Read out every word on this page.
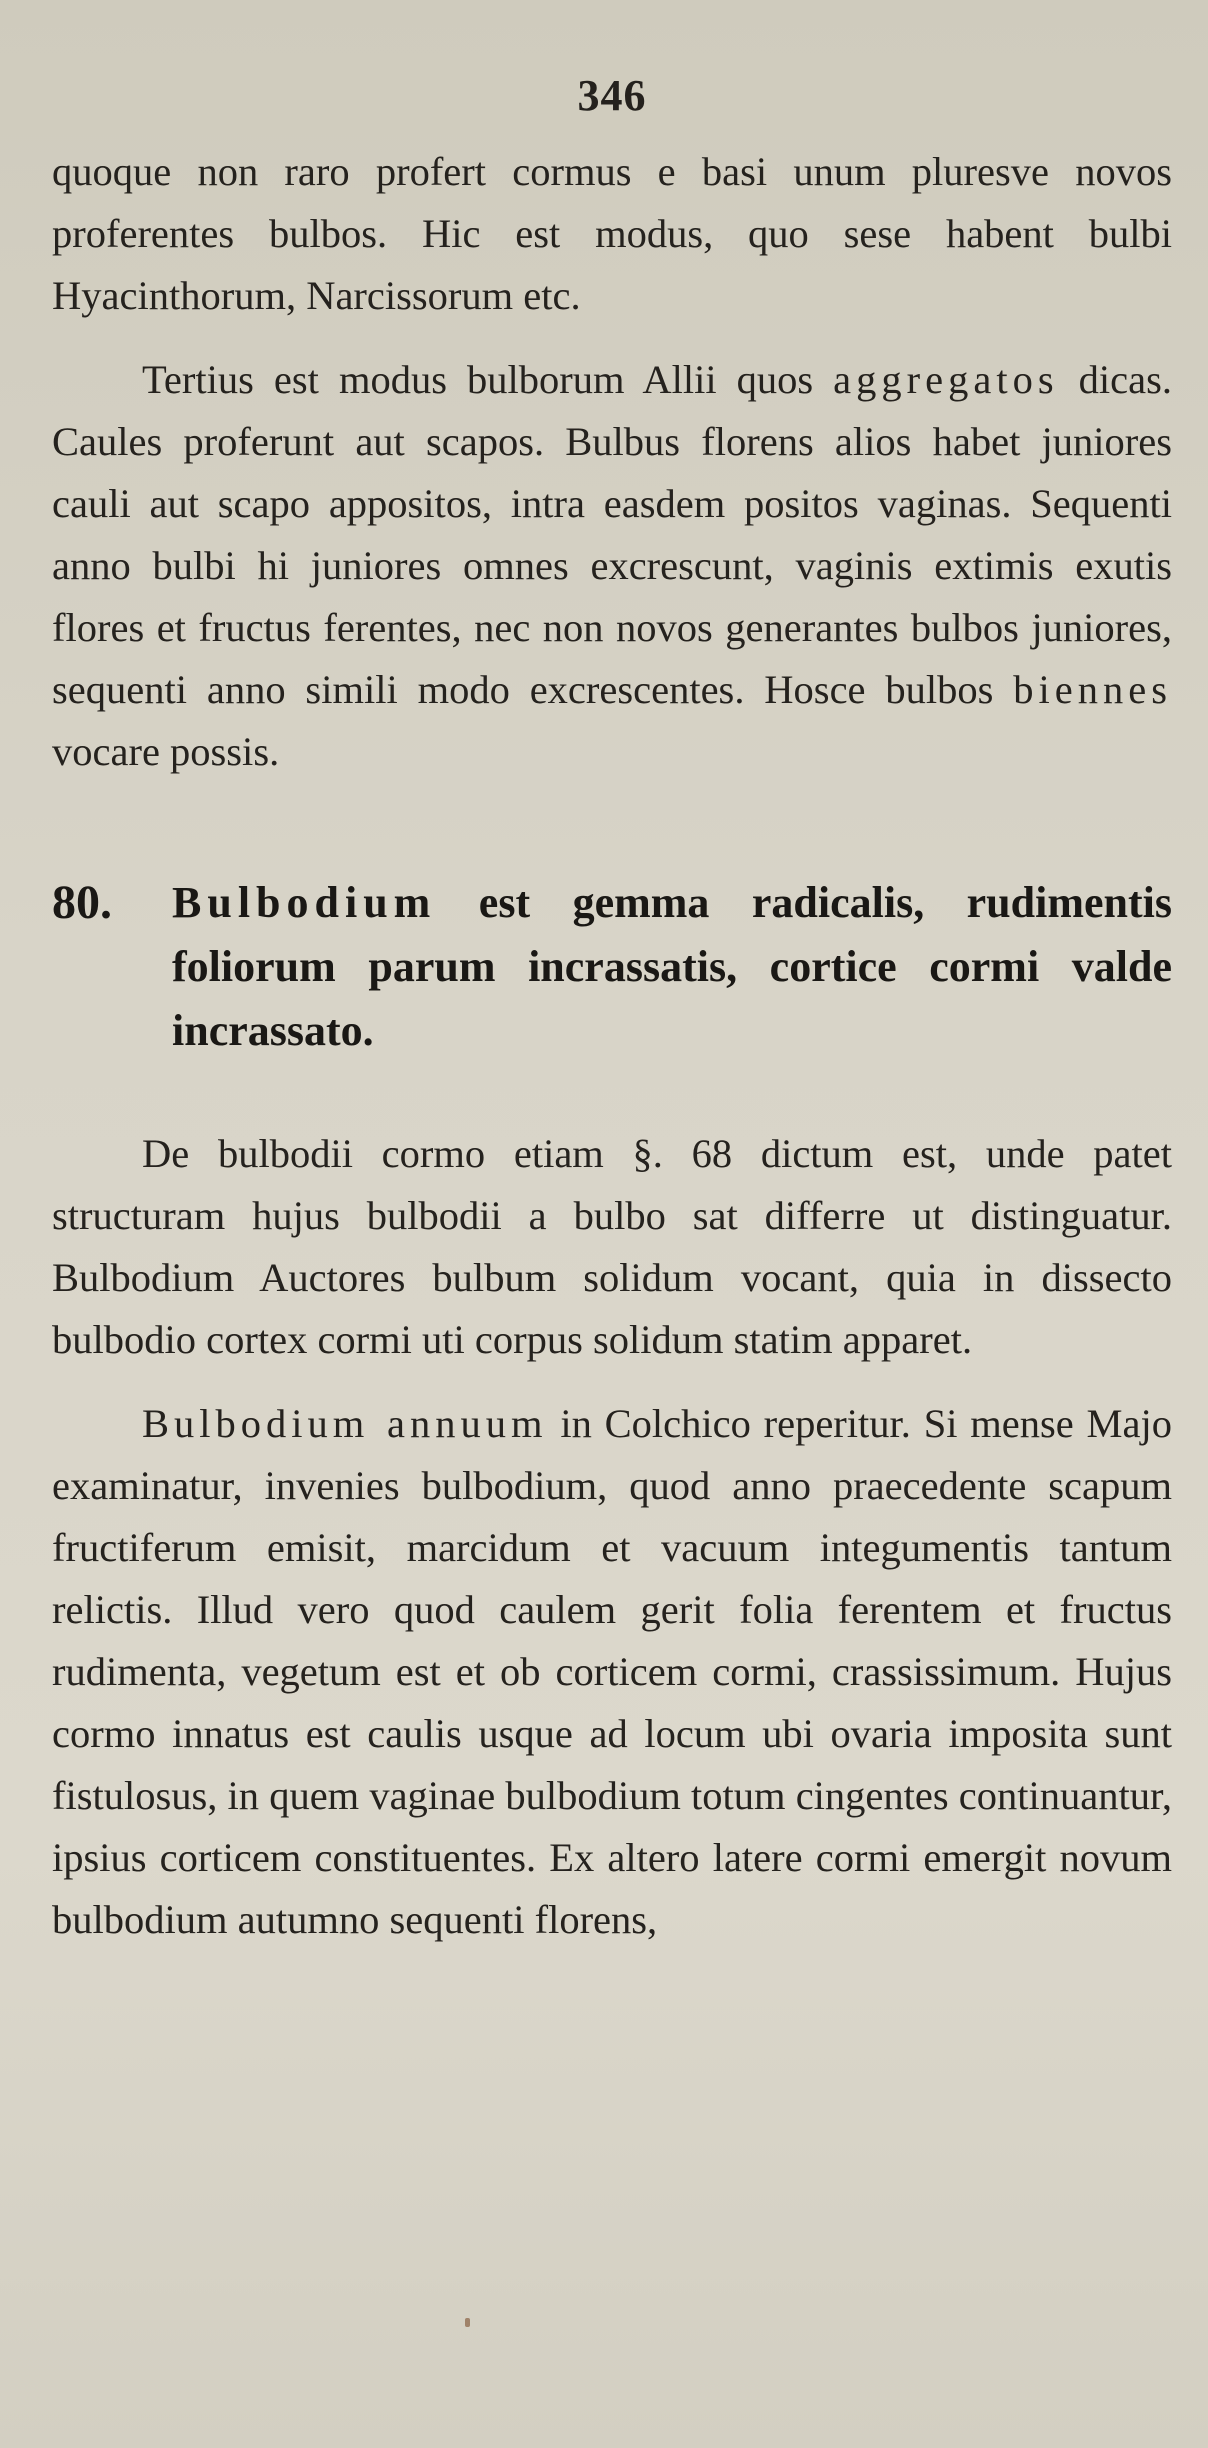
346

quoque non raro profert cormus e basi unum pluresve novos proferentes bulbos. Hic est modus, quo sese habent bulbi Hyacinthorum, Narcissorum etc.

Tertius est modus bulborum Allii quos aggregatos dicas. Caules proferunt aut scapos. Bulbus florens alios habet juniores cauli aut scapo appositos, intra easdem positos vaginas. Sequenti anno bulbi hi juniores omnes excrescunt, vaginis extimis exutis flores et fructus ferentes, nec non novos generantes bulbos juniores, sequenti anno simili modo excrescentes. Hosce bulbos biennes vocare possis.

80.	Bulbodium est gemma radicalis, rudimentis foliorum parum incrassatis, cortice cormi valde incrassato.

De bulbodii cormo etiam §. 68 dictum est, unde patet structuram hujus bulbodii a bulbo sat differre ut distinguatur. Bulbodium Auctores bulbum solidum vocant, quia in dissecto bulbodio cortex cormi uti corpus solidum statim apparet.

Bulbodium annuum in Colchico reperitur. Si mense Majo examinatur, invenies bulbodium, quod anno praecedente scapum fructiferum emisit, marcidum et vacuum integumentis tantum relictis. Illud vero quod caulem gerit folia ferentem et fructus rudimenta, vegetum est et ob corticem cormi, crassissimum. Hujus cormo innatus est caulis usque ad locum ubi ovaria imposita sunt fistulosus, in quem vaginae bulbodium totum cingentes continuantur, ipsius corticem constituentes. Ex altero latere cormi emergit novum bulbodium autumno sequenti florens,
